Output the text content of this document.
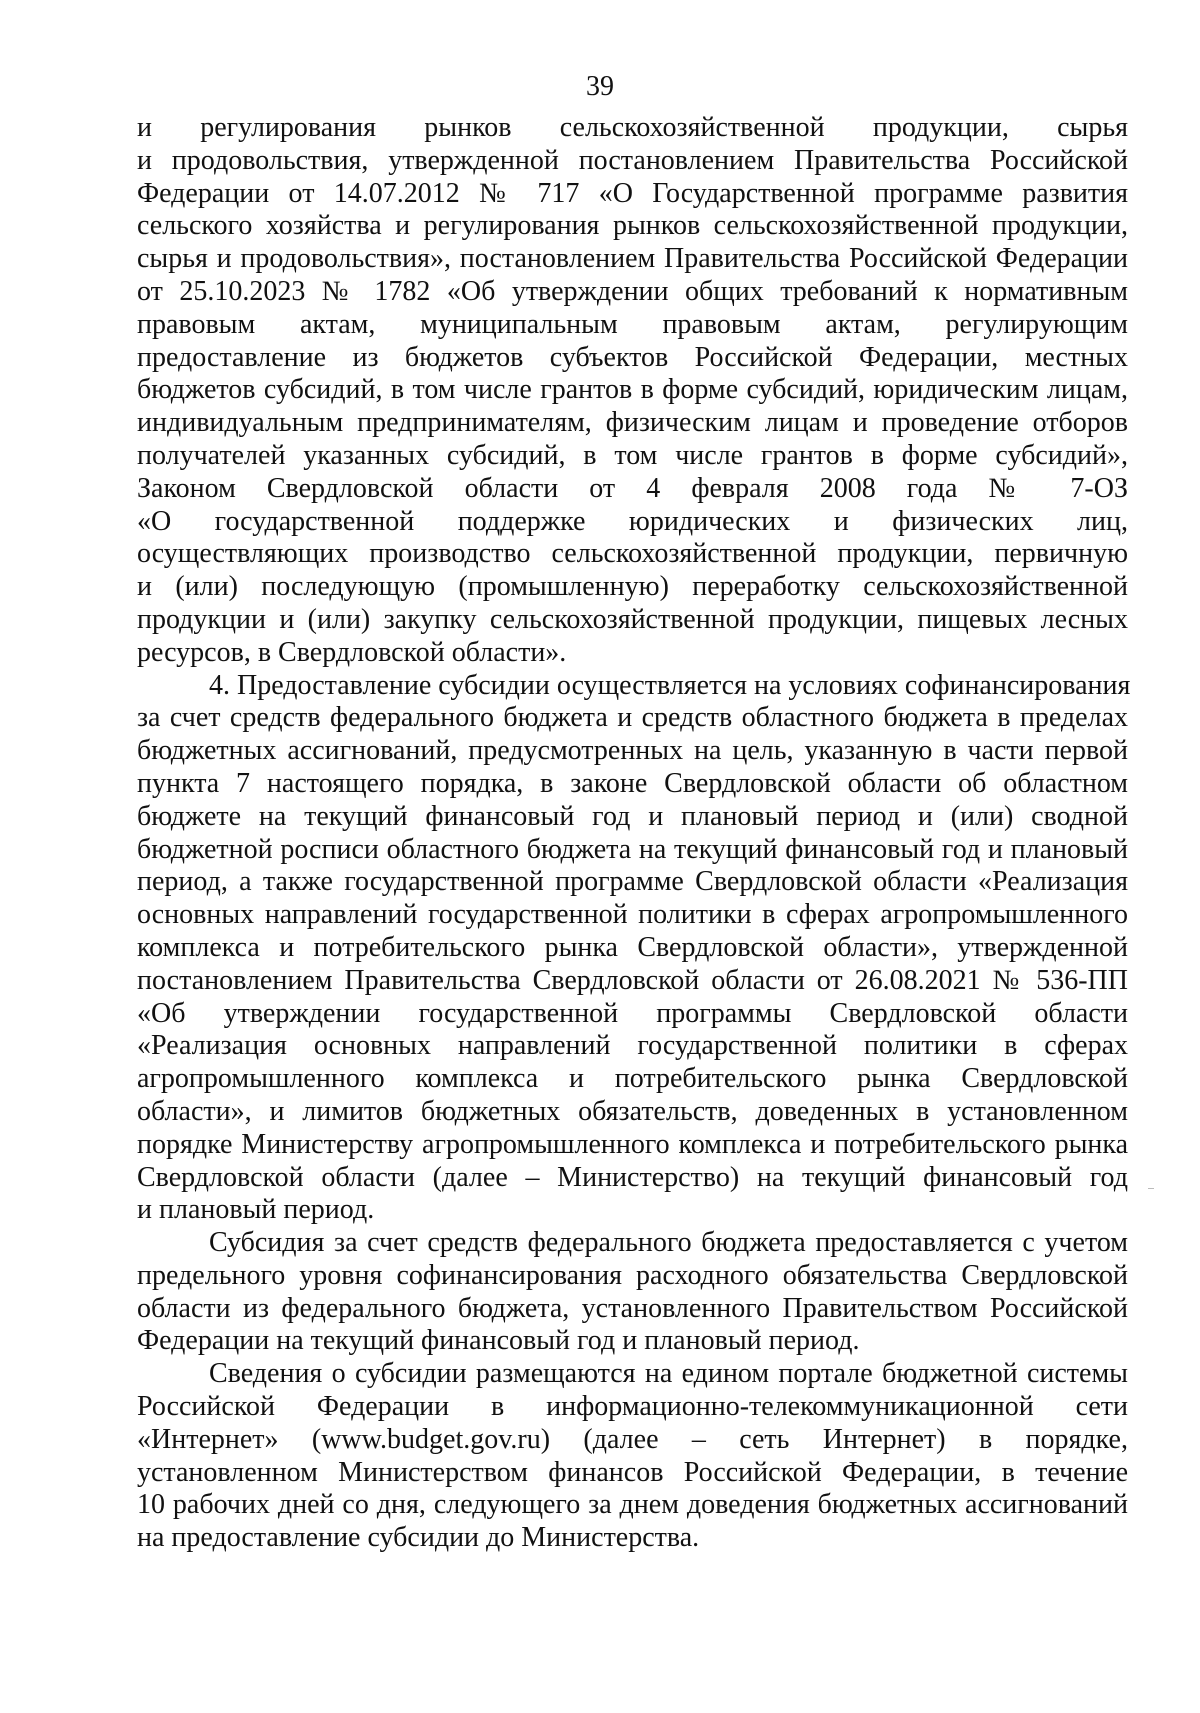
39

и регулирования рынков сельскохозяйственной продукции, сырья
и продовольствия, утвержденной постановлением Правительства Российской
Федерации от 14.07.2012 № 717 «О Государственной программе развития
сельского хозяйства и регулирования рынков сельскохозяйственной продукции,
сырья и продовольствия», постановлением Правительства Российской Федерации
от 25.10.2023 № 1782 «Об утверждении общих требований к нормативным
правовым актам, муниципальным правовым актам, регулирующим
предоставление из бюджетов субъектов Российской Федерации, местных
бюджетов субсидий, в том числе грантов в форме субсидий, юридическим лицам,
индивидуальным предпринимателям, физическим лицам и проведение отборов
получателей указанных субсидий, в том числе грантов в форме субсидий»,
Законом Свердловской области от 4 февраля 2008 года № 7-ОЗ
«О государственной поддержке юридических и физических лиц,
осуществляющих производство сельскохозяйственной продукции, первичную
и (или) последующую (промышленную) переработку сельскохозяйственной
продукции и (или) закупку сельскохозяйственной продукции, пищевых лесных
ресурсов, в Свердловской области».

4. Предоставление субсидии осуществляется на условиях софинансирования
за счет средств федерального бюджета и средств областного бюджета в пределах
бюджетных ассигнований, предусмотренных на цель, указанную в части первой
пункта 7 настоящего порядка, в законе Свердловской области об областном
бюджете на текущий финансовый год и плановый период и (или) сводной
бюджетной росписи областного бюджета на текущий финансовый год и плановый
период, а также государственной программе Свердловской области «Реализация
основных направлений государственной политики в сферах агропромышленного
комплекса и потребительского рынка Свердловской области», утвержденной
постановлением Правительства Свердловской области от 26.08.2021 № 536-ПП
«Об утверждении государственной программы Свердловской области
«Реализация основных направлений государственной политики в сферах
агропромышленного комплекса и потребительского рынка Свердловской
области», и лимитов бюджетных обязательств, доведенных в установленном
порядке Министерству агропромышленного комплекса и потребительского рынка
Свердловской области (далее – Министерство) на текущий финансовый год
и плановый период.

Субсидия за счет средств федерального бюджета предоставляется с учетом
предельного уровня софинансирования расходного обязательства Свердловской
области из федерального бюджета, установленного Правительством Российской
Федерации на текущий финансовый год и плановый период.

Сведения о субсидии размещаются на едином портале бюджетной системы
Российской Федерации в информационно-телекоммуникационной сети
«Интернет» (www.budget.gov.ru) (далее – сеть Интернет) в порядке,
установленном Министерством финансов Российской Федерации, в течение
10 рабочих дней со дня, следующего за днем доведения бюджетных ассигнований
на предоставление субсидии до Министерства.
